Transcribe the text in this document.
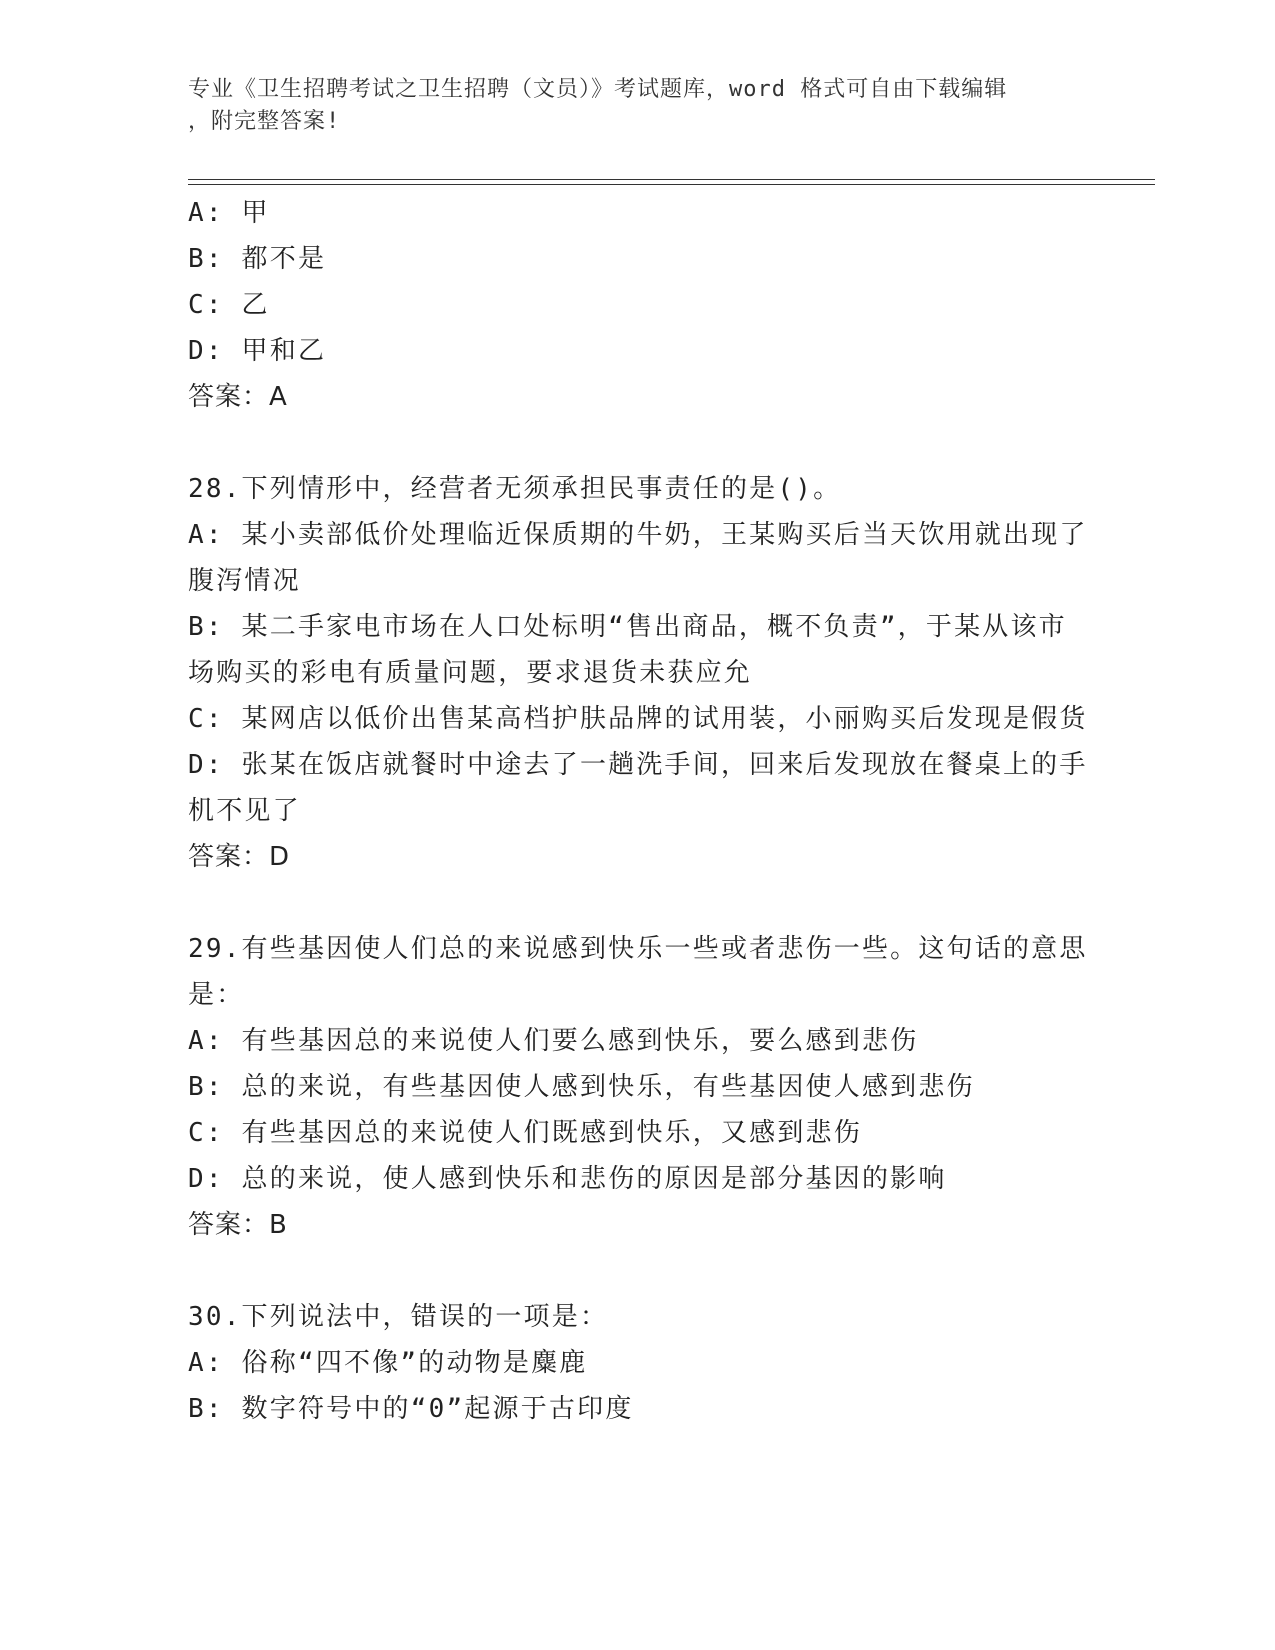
专业《卫生招聘考试之卫生招聘（文员）》考试题库，word 格式可自由下载编辑
，附完整答案!
A: 甲
B: 都不是
C: 乙
D: 甲和乙
答案：A
28.下列情形中，经营者无须承担民事责任的是()。
A: 某小卖部低价处理临近保质期的牛奶，王某购买后当天饮用就出现了腹泻情况
B: 某二手家电市场在人口处标明“售出商品，概不负责”，于某从该市场购买的彩电有质量问题，要求退货未获应允
C: 某网店以低价出售某高档护肤品牌的试用装，小丽购买后发现是假货
D: 张某在饭店就餐时中途去了一趟洗手间，回来后发现放在餐桌上的手机不见了
答案：D
29.有些基因使人们总的来说感到快乐一些或者悲伤一些。这句话的意思是：
A: 有些基因总的来说使人们要么感到快乐，要么感到悲伤
B: 总的来说，有些基因使人感到快乐，有些基因使人感到悲伤
C: 有些基因总的来说使人们既感到快乐，又感到悲伤
D: 总的来说，使人感到快乐和悲伤的原因是部分基因的影响
答案：B
30.下列说法中，错误的一项是：
A: 俗称“四不像”的动物是麋鹿
B: 数字符号中的“0”起源于古印度
